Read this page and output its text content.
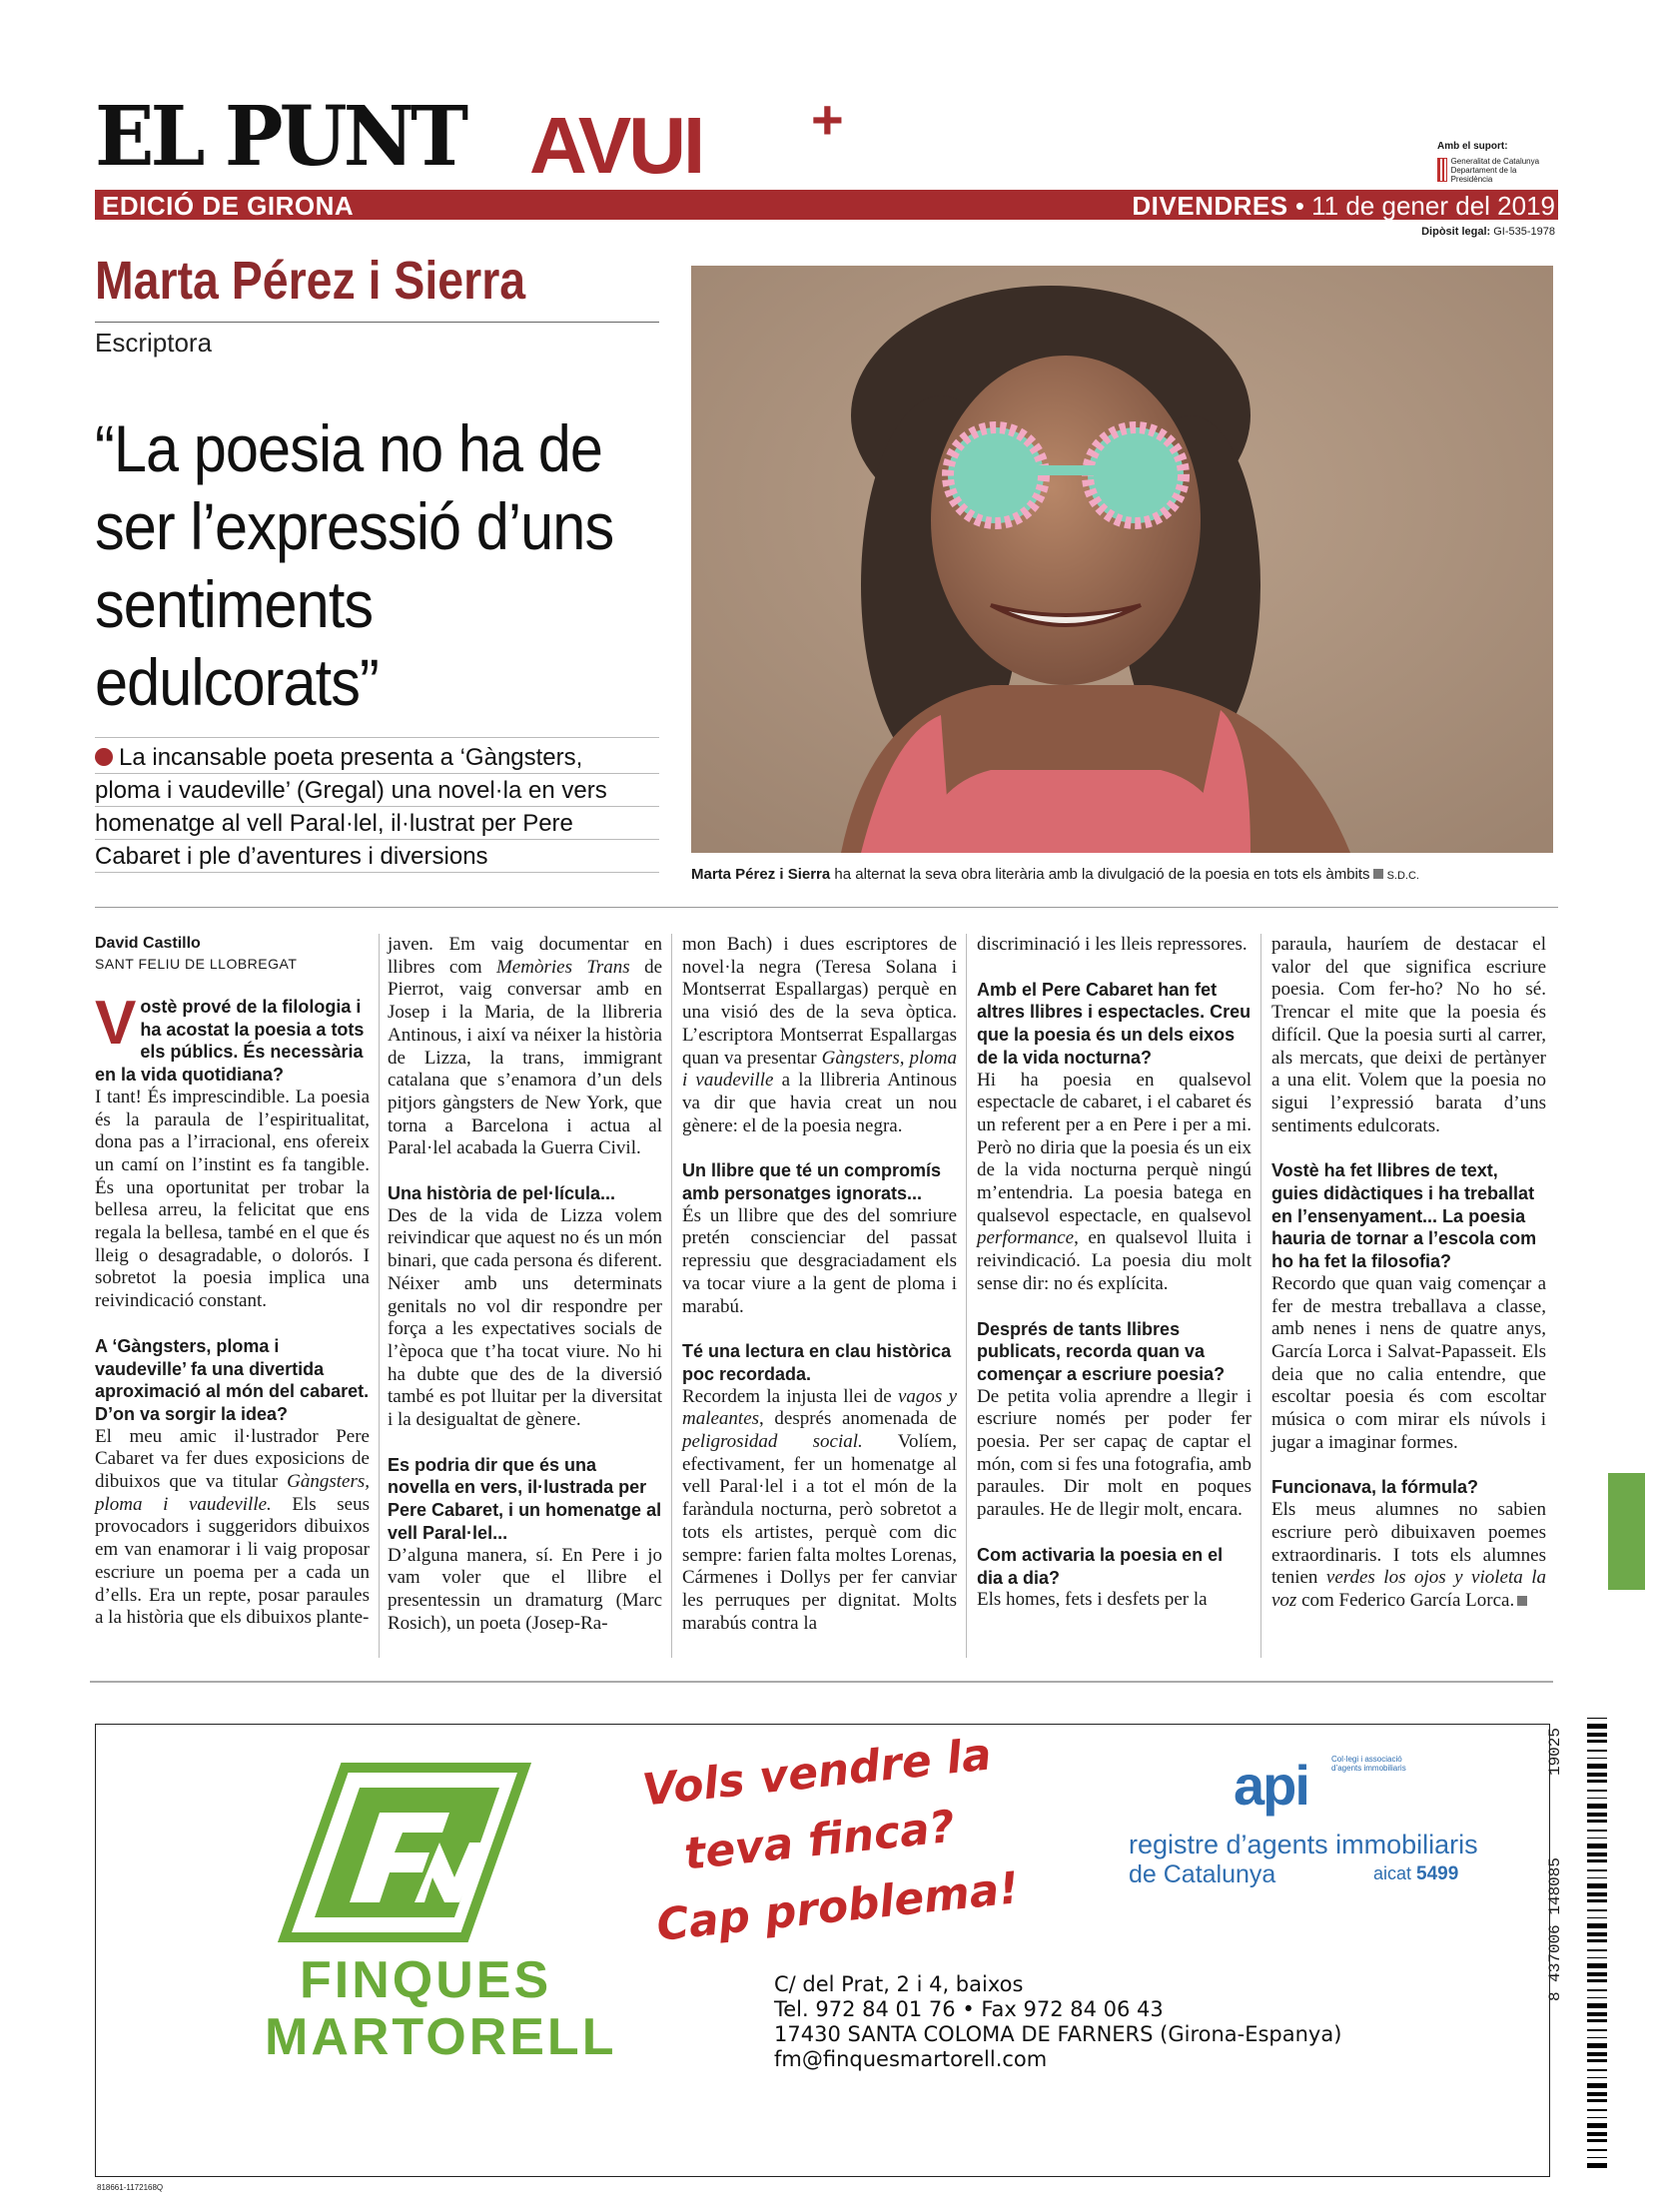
EL PUNT AVUI +	Amb el suport:
Generalitat de Catalunya Departament de la Presidència
EDICIÓ DE GIRONA	DIVENDRES • 11 de gener del 2019
Dipòsit legal: GI-535-1978
Marta Pérez i Sierra
Escriptora
“La poesia no ha de ser l’expressió d’uns sentiments edulcorats”
La incansable poeta presenta a ‘Gàngsters,
ploma i vaudeville’ (Gregal) una novel·la en vers
homenatge al vell Paral·lel, il·lustrat per Pere
Cabaret i ple d’aventures i diversions
Marta Pérez i Sierra ha alternat la seva obra literària amb la divulgació de la poesia en tots els àmbits S.D.C.
David Castillo
SANT FELIU DE LLOBREGAT

Vostè prové de la filologia i ha acostat la poesia a tots els públics. És necessària en la vida quotidiana?

I tant! És imprescindible. La poesia és la paraula de l’espiritualitat, dona pas a l’irracional, ens ofereix un camí on l’instint es fa tangible. És una oportunitat per trobar la bellesa arreu, la felicitat que ens regala la bellesa, també en el que és lleig o desagradable, o dolorós. I sobretot la poesia implica una reivindicació constant.

A ‘Gàngsters, ploma i vaudeville’ fa una divertida aproximació al món del cabaret. D’on va sorgir la idea?

El meu amic il·lustrador Pere Cabaret va fer dues exposicions de dibuixos que va titular Gàngsters, ploma i vaudeville. Els seus provocadors i suggeridors dibuixos em van enamorar i li vaig proposar escriure un poema per a cada un d’ells. Era un repte, posar paraules a la història que els dibuixos plante-

javen. Em vaig documentar en llibres com Memòries Trans de Pierrot, vaig conversar amb en Josep i la Maria, de la llibreria Antinous, i així va néixer la història de Lizza, la trans, immigrant catalana que s’enamora d’un dels pitjors gàngsters de New York, que torna a Barcelona i actua al Paral·lel acabada la Guerra Civil.

Una història de pel·lícula...

Des de la vida de Lizza volem reivindicar que aquest no és un món binari, que cada persona és diferent. Néixer amb uns determinats genitals no vol dir respondre per força a les expectatives socials de l’època que t’ha tocat viure. No hi ha dubte que des de la diversió també es pot lluitar per la diversitat i la desigualtat de gènere.

Es podria dir que és una novella en vers, il·lustrada per Pere Cabaret, i un homenatge al vell Paral·lel...

D’alguna manera, sí. En Pere i jo vam voler que el llibre el presentessin un dramaturg (Marc Rosich), un poeta (Josep-Ra-

mon Bach) i dues escriptores de novel·la negra (Teresa Solana i Montserrat Espallargas) perquè en una visió des de la seva òptica. L’escriptora Montserrat Espallargas quan va presentar Gàngsters, ploma i vaudeville a la llibreria Antinous va dir que havia creat un nou gènere: el de la poesia negra.

Un llibre que té un compromís amb personatges ignorats...

És un llibre que des del somriure pretén conscienciar del passat repressiu que desgraciadament els va tocar viure a la gent de ploma i marabú.

Té una lectura en clau històrica poc recordada.

Recordem la injusta llei de vagos y maleantes, després anomenada de peligrosidad social. Volíem, efectivament, fer un homenatge al vell Paral·lel i a tot el món de la faràndula nocturna, però sobretot a tots els artistes, perquè com dic sempre: farien falta moltes Lorenas, Cármenes i Dollys per fer canviar les perruques per dignitat. Molts marabús contra la

discriminació i les lleis repressores.

Amb el Pere Cabaret han fet altres llibres i espectacles. Creu que la poesia és un dels eixos de la vida nocturna?

Hi ha poesia en qualsevol espectacle de cabaret, i el cabaret és un referent per a en Pere i per a mi. Però no diria que la poesia és un eix de la vida nocturna perquè ningú m’entendria. La poesia batega en qualsevol espectacle, en qualsevol performance, en qualsevol lluita i reivindicació. La poesia diu molt sense dir: no és explícita.

Després de tants llibres publicats, recorda quan va començar a escriure poesia?

De petita volia aprendre a llegir i escriure només per poder fer poesia. Per ser capaç de captar el món, com si fes una fotografia, amb paraules. Dir molt en poques paraules. He de llegir molt, encara.

Com activaria la poesia en el dia a dia?

Els homes, fets i desfets per la

paraula, hauríem de destacar el valor del que significa escriure poesia. Com fer-ho? No ho sé. Trencar el mite que la poesia és difícil. Que la poesia surti al carrer, als mercats, que deixi de pertànyer a una elit. Volem que la poesia no sigui l’expressió barata d’uns sentiments edulcorats.

Vostè ha fet llibres de text, guies didàctiques i ha treballat en l’ensenyament... La poesia hauria de tornar a l’escola com ho ha fet la filosofia?

Recordo que quan vaig començar a fer de mestra treballava a classe, amb nenes i nens de quatre anys, García Lorca i Salvat-Papasseit. Els deia que no calia entendre, que escoltar poesia és com escoltar música o com mirar els núvols i jugar a imaginar formes.

Funcionava, la fórmula?

Els meus alumnes no sabien escriure però dibuixaven poemes extraordinaris. I tots els alumnes tenien verdes los ojos y violeta la voz com Federico García Lorca.

FINQUES
MARTORELL
Vols vendre la
teva finca?
Cap problema!
api	Col·legi i associació d’agents immobiliaris
registre d’agents immobiliaris
de Catalunya	aicat 5499
C/ del Prat, 2 i 4, baixos
Tel. 972 84 01 76 • Fax 972 84 06 43
17430 SANTA COLOMA DE FARNERS (Girona-Espanya)
fm@finquesmartorell.com
818661-1172168Q
19025
8 437006 148085
